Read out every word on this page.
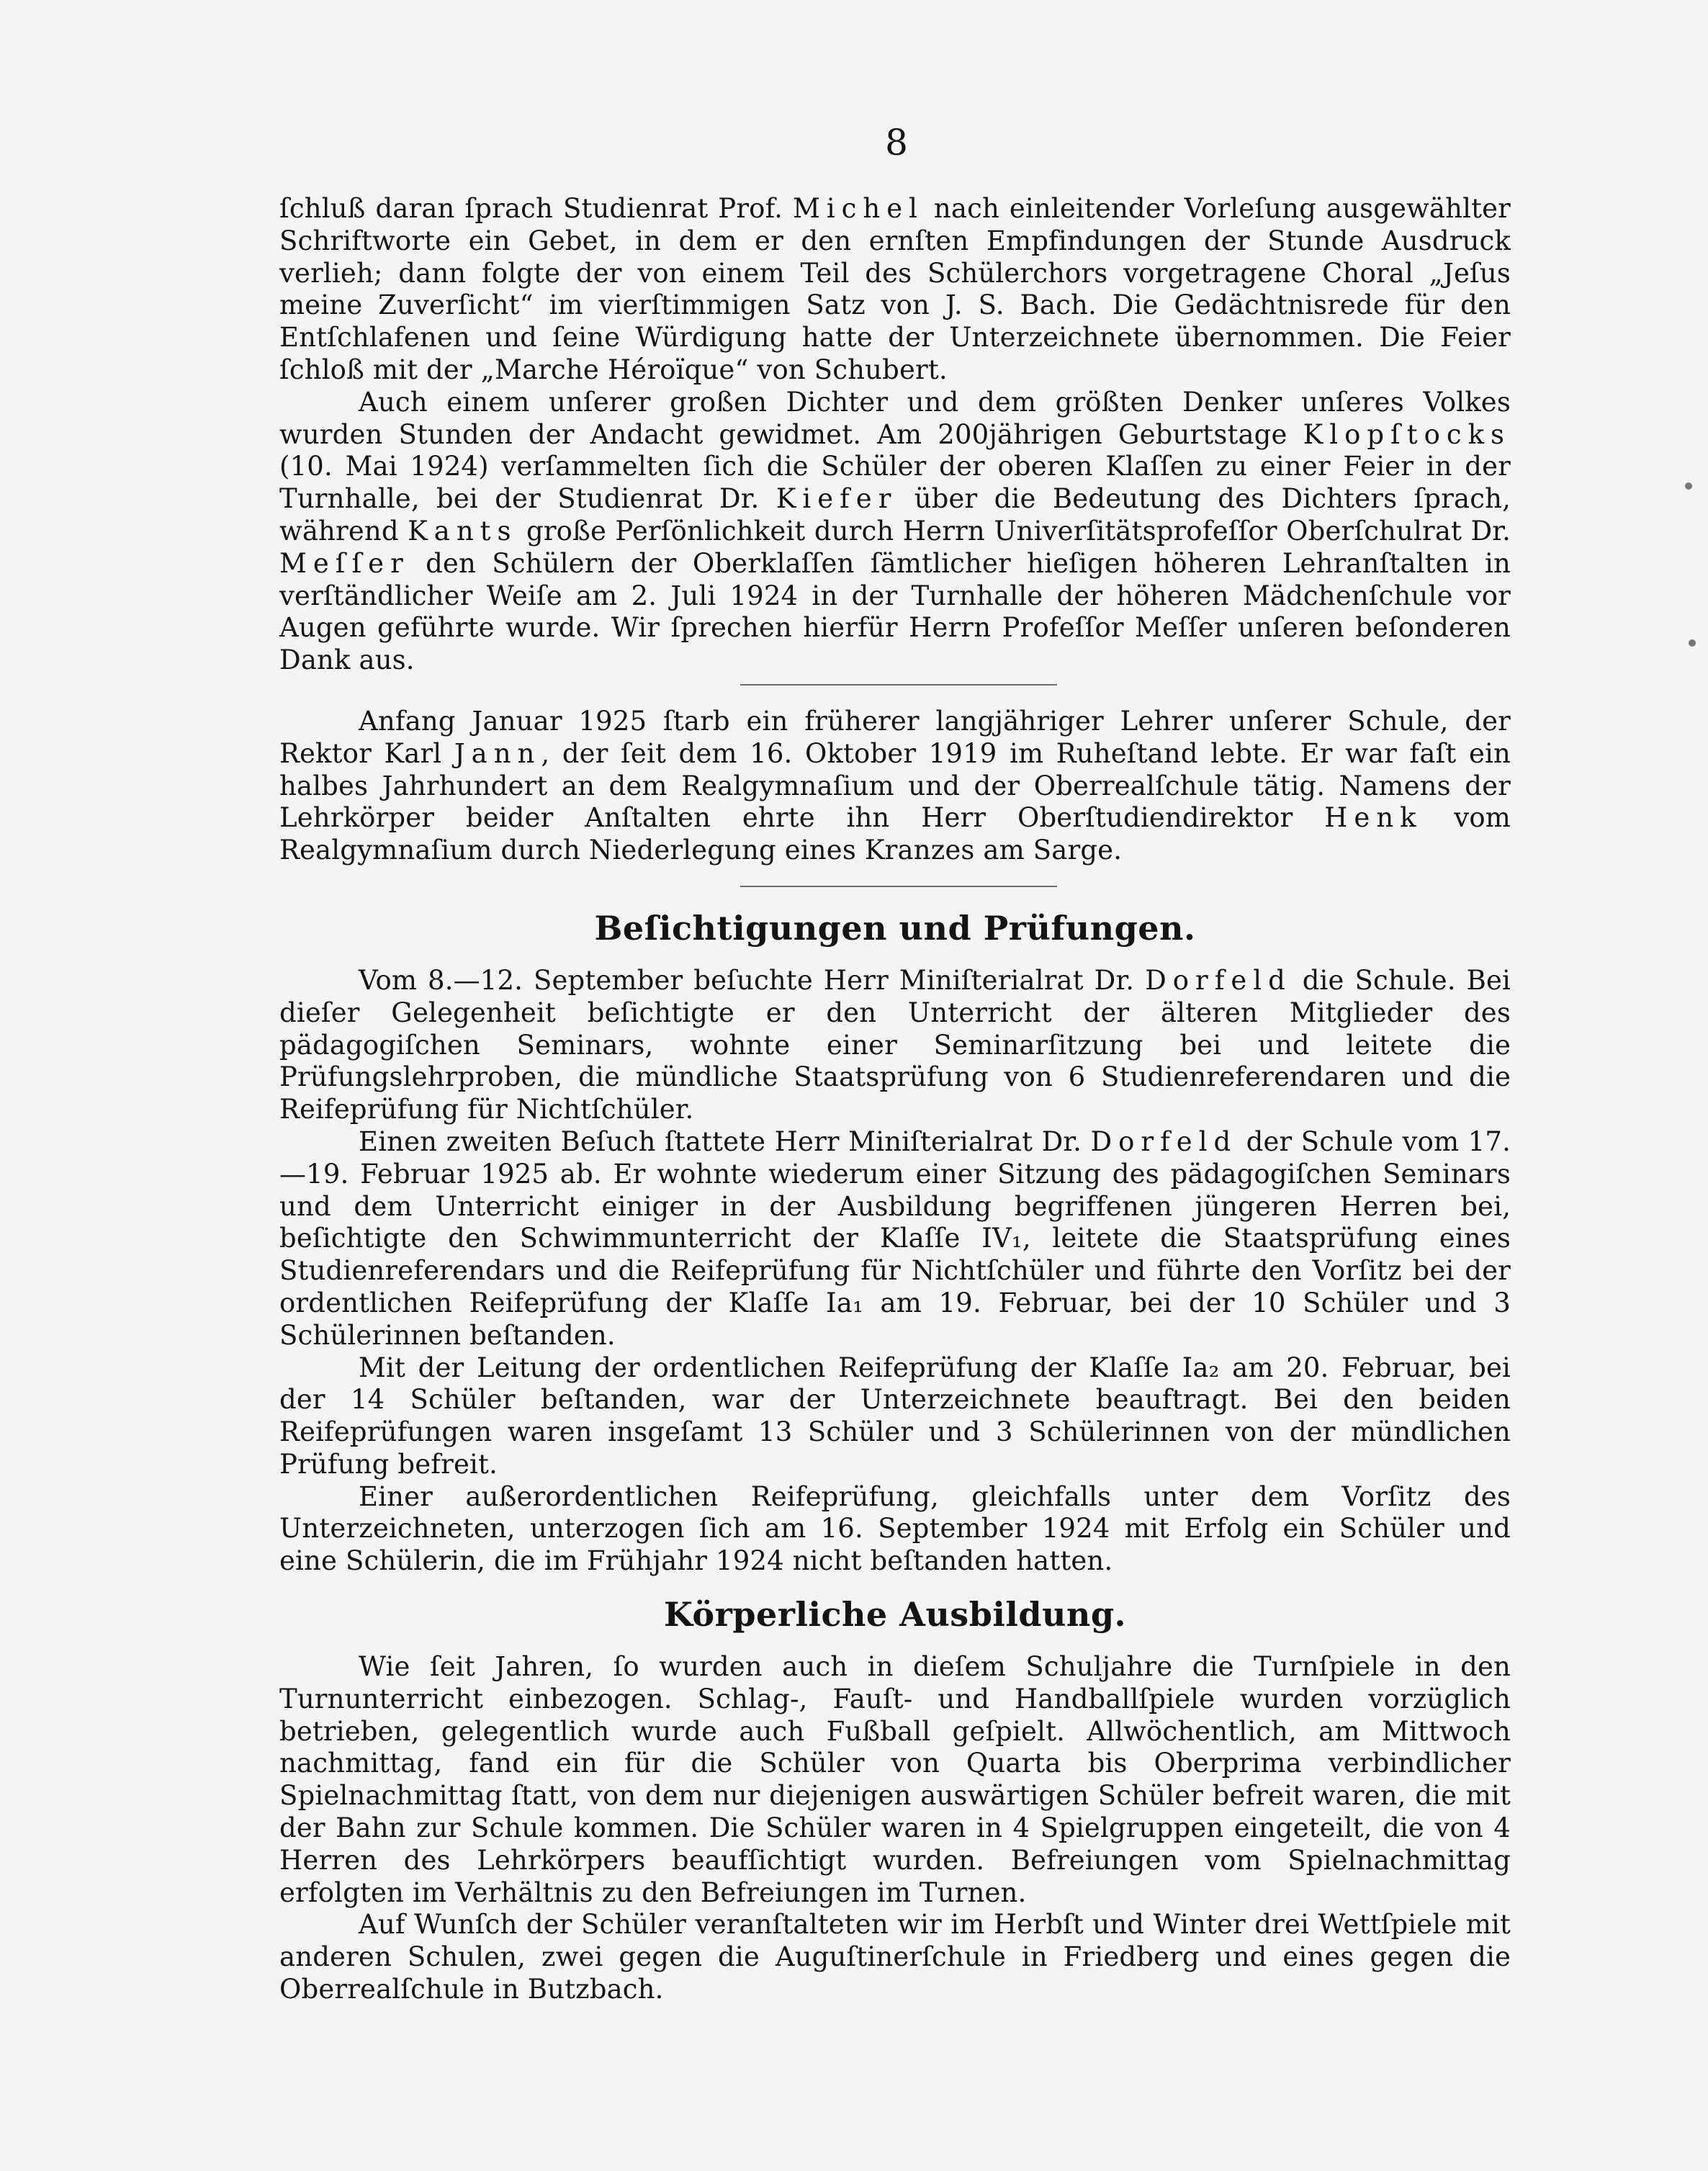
8

ſchluß daran ſprach Studienrat Prof. Michel nach einleitender Vorleſung ausgewählter Schriftworte ein Gebet, in dem er den ernſten Empfindungen der Stunde Ausdruck verlieh; dann folgte der von einem Teil des Schülerchors vorgetragene Choral „Jeſus meine Zuverſicht“ im vierſtimmigen Satz von J. S. Bach. Die Gedächtnisrede für den Entſchlafenen und ſeine Würdigung hatte der Unterzeichnete übernommen. Die Feier ſchloß mit der „Marche Héroïque“ von Schubert.

Auch einem unſerer großen Dichter und dem größten Denker unſeres Volkes wurden Stunden der Andacht gewidmet. Am 200jährigen Geburtstage Klopſtocks (10. Mai 1924) verſammelten ſich die Schüler der oberen Klaſſen zu einer Feier in der Turnhalle, bei der Studienrat Dr. Kiefer über die Bedeutung des Dichters ſprach, während Kants große Perſönlichkeit durch Herrn Univerſitätsprofeſſor Oberſchulrat Dr. Meſſer den Schülern der Oberklaſſen ſämtlicher hieſigen höheren Lehranſtalten in verſtändlicher Weiſe am 2. Juli 1924 in der Turnhalle der höheren Mädchenſchule vor Augen geführte wurde. Wir ſprechen hierfür Herrn Profeſſor Meſſer unſeren beſonderen Dank aus.

Anfang Januar 1925 ſtarb ein früherer langjähriger Lehrer unſerer Schule, der Rektor Karl Jann, der ſeit dem 16. Oktober 1919 im Ruheſtand lebte. Er war faſt ein halbes Jahrhundert an dem Realgymnaſium und der Oberrealſchule tätig. Namens der Lehrkörper beider Anſtalten ehrte ihn Herr Oberſtudiendirektor Henk vom Realgymnaſium durch Niederlegung eines Kranzes am Sarge.

Beſichtigungen und Prüfungen.

Vom 8.—12. September beſuchte Herr Miniſterialrat Dr. Dorfeld die Schule. Bei dieſer Gelegenheit beſichtigte er den Unterricht der älteren Mitglieder des pädagogiſchen Seminars, wohnte einer Seminarſitzung bei und leitete die Prüfungslehrproben, die mündliche Staatsprüfung von 6 Studienreferendaren und die Reifeprüfung für Nichtſchüler.

Einen zweiten Beſuch ſtattete Herr Miniſterialrat Dr. Dorfeld der Schule vom 17.—19. Februar 1925 ab. Er wohnte wiederum einer Sitzung des pädagogiſchen Seminars und dem Unterricht einiger in der Ausbildung begriffenen jüngeren Herren bei, beſichtigte den Schwimmunterricht der Klaſſe IV₁, leitete die Staatsprüfung eines Studienreferendars und die Reifeprüfung für Nichtſchüler und führte den Vorſitz bei der ordentlichen Reifeprüfung der Klaſſe Ia₁ am 19. Februar, bei der 10 Schüler und 3 Schülerinnen beſtanden.

Mit der Leitung der ordentlichen Reifeprüfung der Klaſſe Ia₂ am 20. Februar, bei der 14 Schüler beſtanden, war der Unterzeichnete beauftragt. Bei den beiden Reifeprüfungen waren insgeſamt 13 Schüler und 3 Schülerinnen von der mündlichen Prüfung befreit.

Einer außerordentlichen Reifeprüfung, gleichfalls unter dem Vorſitz des Unterzeichneten, unterzogen ſich am 16. September 1924 mit Erfolg ein Schüler und eine Schülerin, die im Frühjahr 1924 nicht beſtanden hatten.

Körperliche Ausbildung.

Wie ſeit Jahren, ſo wurden auch in dieſem Schuljahre die Turnſpiele in den Turnunterricht einbezogen. Schlag-, Fauſt- und Handballſpiele wurden vorzüglich betrieben, gelegentlich wurde auch Fußball geſpielt. Allwöchentlich, am Mittwoch nachmittag, fand ein für die Schüler von Quarta bis Oberprima verbindlicher Spielnachmittag ſtatt, von dem nur diejenigen auswärtigen Schüler befreit waren, die mit der Bahn zur Schule kommen. Die Schüler waren in 4 Spielgruppen eingeteilt, die von 4 Herren des Lehrkörpers beaufſichtigt wurden. Befreiungen vom Spielnachmittag erfolgten im Verhältnis zu den Befreiungen im Turnen.

Auf Wunſch der Schüler veranſtalteten wir im Herbſt und Winter drei Wettſpiele mit anderen Schulen, zwei gegen die Auguſtinerſchule in Friedberg und eines gegen die Oberrealſchule in Butzbach.
